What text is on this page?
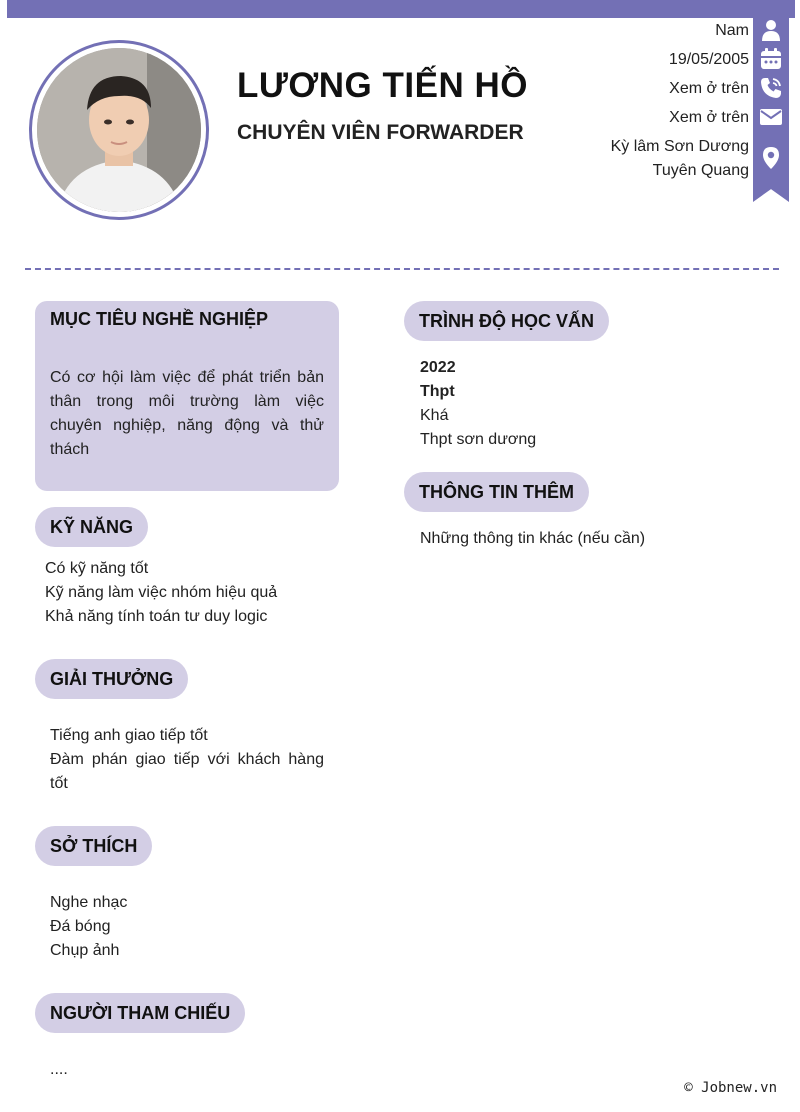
LƯƠNG TIẾN HỒ
CHUYÊN VIÊN FORWARDER
Nam
19/05/2005
Xem ở trên
Xem ở trên
Kỳ lâm Sơn Dương
Tuyên Quang
MỤC TIÊU NGHỀ NGHIỆP
Có cơ hội làm việc để phát triển bản thân trong môi trường làm việc chuyên nghiệp, năng động và thử thách
KỸ NĂNG
Có kỹ năng tốt
Kỹ năng làm việc nhóm hiệu quả
Khả năng tính toán tư duy logic
GIẢI THƯỞNG
Tiếng anh giao tiếp tốt
Đàm phán giao tiếp với khách hàng tốt
SỞ THÍCH
Nghe nhạc
Đá bóng
Chụp ảnh
NGƯỜI THAM CHIẾU
....
TRÌNH ĐỘ HỌC VẤN
2022
Thpt
Khá
Thpt sơn dương
THÔNG TIN THÊM
Những thông tin khác (nếu cần)
© Jobnew.vn
